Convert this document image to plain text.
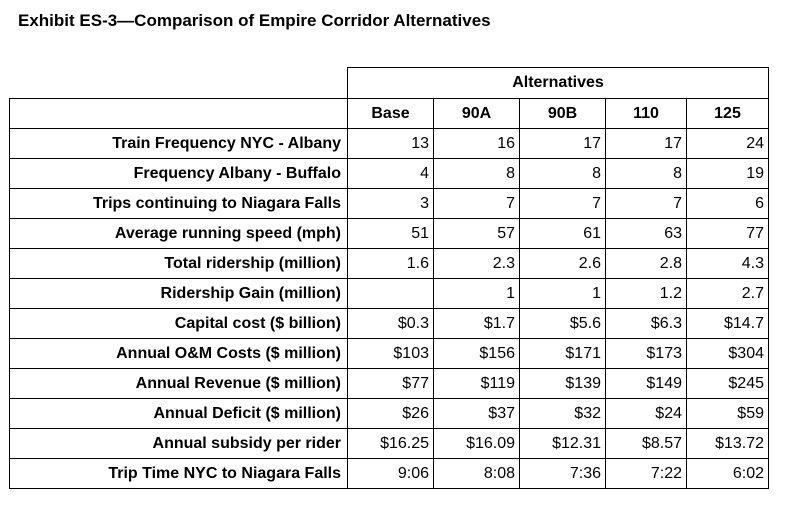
Exhibit ES-3—Comparison of Empire Corridor Alternatives
	Alternatives				
	Base	90A	90B	110	125
Train Frequency NYC - Albany	13	16	17	17	24
Frequency Albany - Buffalo	4	8	8	8	19
Trips continuing to Niagara Falls	3	7	7	7	6
Average running speed (mph)	51	57	61	63	77
Total ridership (million)	1.6	2.3	2.6	2.8	4.3
Ridership Gain (million)		1	1	1.2	2.7
Capital cost ($ billion)	$0.3	$1.7	$5.6	$6.3	$14.7
Annual O&M Costs ($ million)	$103	$156	$171	$173	$304
Annual Revenue ($ million)	$77	$119	$139	$149	$245
Annual Deficit ($ million)	$26	$37	$32	$24	$59
Annual subsidy per rider	$16.25	$16.09	$12.31	$8.57	$13.72
Trip Time NYC to Niagara Falls	9:06	8:08	7:36	7:22	6:02
